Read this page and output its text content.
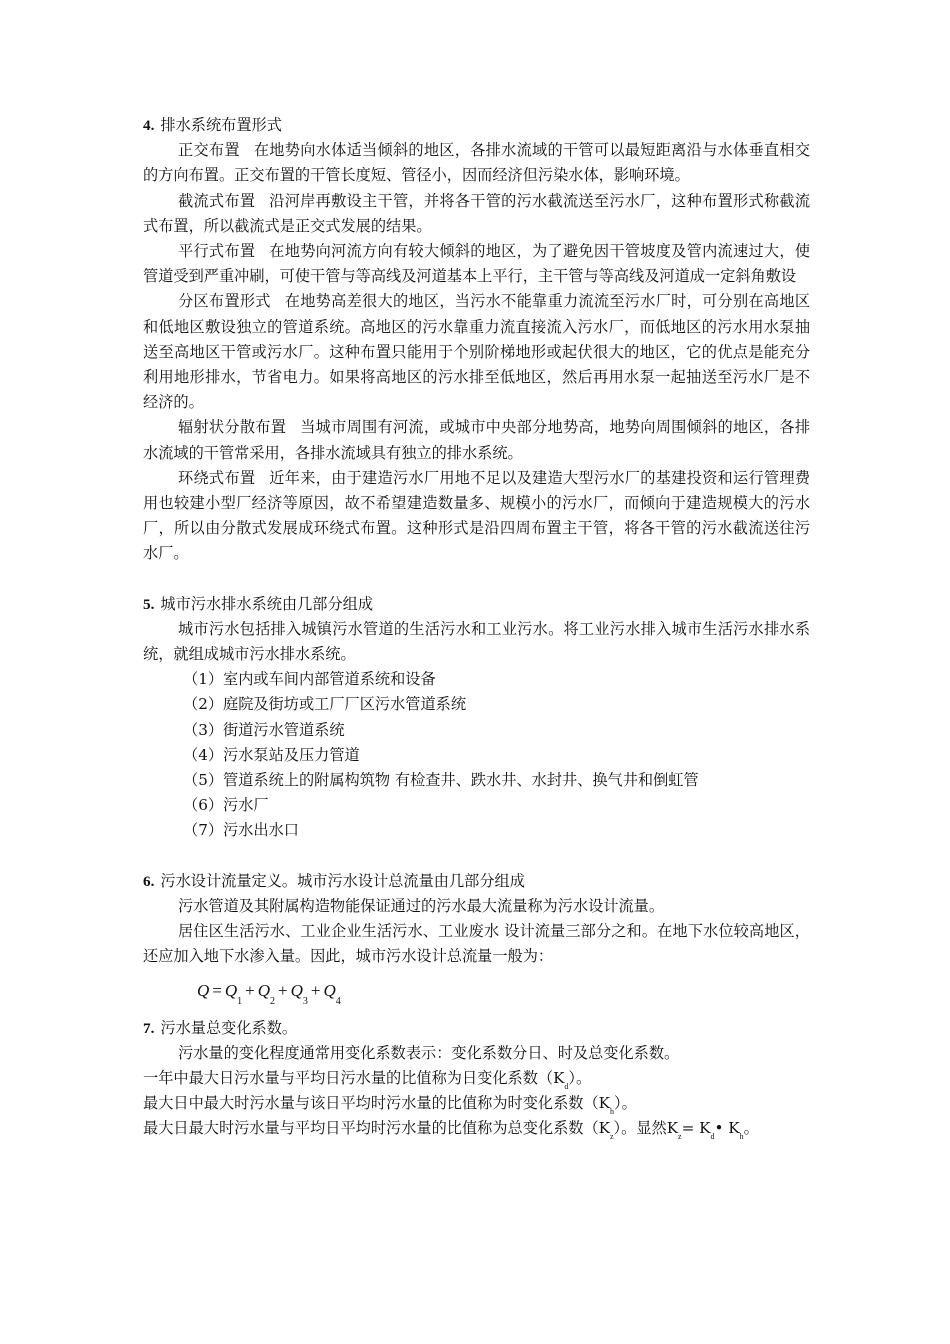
4. 排水系统布置形式

正交布置 在地势向水体适当倾斜的地区，各排水流域的干管可以最短距离沿与水体垂直相交的方向布置。正交布置的干管长度短、管径小，因而经济但污染水体，影响环境。

截流式布置 沿河岸再敷设主干管，并将各干管的污水截流送至污水厂，这种布置形式称截流式布置，所以截流式是正交式发展的结果。

平行式布置 在地势向河流方向有较大倾斜的地区，为了避免因干管坡度及管内流速过大，使管道受到严重冲刷，可使干管与等高线及河道基本上平行，主干管与等高线及河道成一定斜角敷设

分区布置形式 在地势高差很大的地区，当污水不能靠重力流流至污水厂时，可分别在高地区和低地区敷设独立的管道系统。高地区的污水靠重力流直接流入污水厂，而低地区的污水用水泵抽送至高地区干管或污水厂。这种布置只能用于个别阶梯地形或起伏很大的地区，它的优点是能充分利用地形排水，节省电力。如果将高地区的污水排至低地区，然后再用水泵一起抽送至污水厂是不经济的。

辐射状分散布置 当城市周围有河流，或城市中央部分地势高，地势向周围倾斜的地区，各排水流域的干管常采用，各排水流域具有独立的排水系统。

环绕式布置 近年来，由于建造污水厂用地不足以及建造大型污水厂的基建投资和运行管理费用也较建小型厂经济等原因，故不希望建造数量多、规模小的污水厂，而倾向于建造规模大的污水厂，所以由分散式发展成环绕式布置。这种形式是沿四周布置主干管，将各干管的污水截流送往污水厂。

5. 城市污水排水系统由几部分组成

城市污水包括排入城镇污水管道的生活污水和工业污水。将工业污水排入城市生活污水排水系统，就组成城市污水排水系统。

（1）室内或车间内部管道系统和设备
（2）庭院及街坊或工厂厂区污水管道系统
（3）街道污水管道系统
（4）污水泵站及压力管道
（5）管道系统上的附属构筑物 有检查井、跌水井、水封井、换气井和倒虹管
（6）污水厂
（7）污水出水口
6. 污水设计流量定义。城市污水设计总流量由几部分组成

污水管道及其附属构造物能保证通过的污水最大流量称为污水设计流量。

居住区生活污水、工业企业生活污水、工业废水 设计流量三部分之和。在地下水位较高地区，还应加入地下水渗入量。因此，城市污水设计总流量一般为：

$Q = Q_1+ Q_2+ Q_3+ Q_4$
7. 污水量总变化系数。

污水量的变化程度通常用变化系数表示：变化系数分日、时及总变化系数。

一年中最大日污水量与平均日污水量的比值称为日变化系数$(K_d)$。

最大日中最大时污水量与该日平均时污水量的比值称为时变化系数$(K_h)$。

最大日最大时污水量与平均日平均时污水量的比值称为总变化系数$(K_z)$。显然$K_z=$ $K_d•$ $K_h$。
